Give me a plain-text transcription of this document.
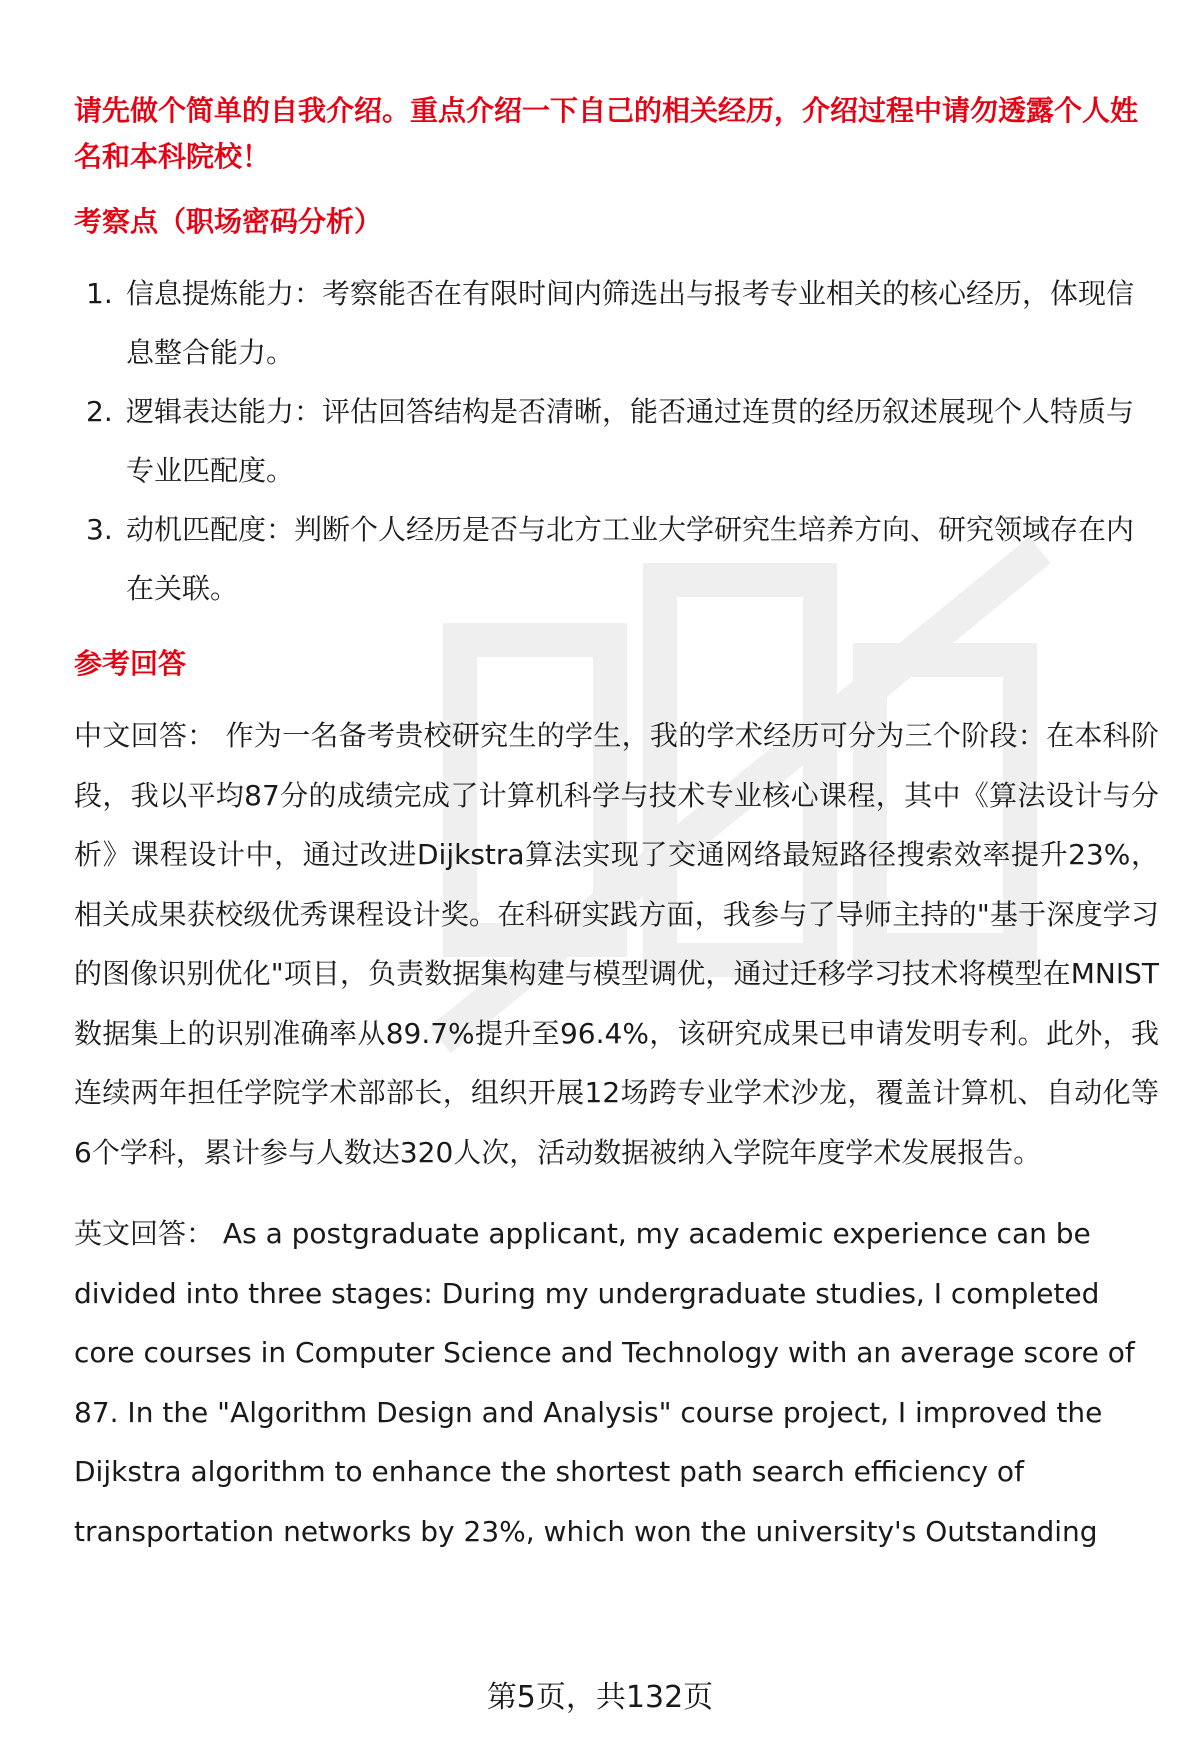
请先做个简单的自我介绍。重点介绍一下自己的相关经历，介绍过程中请勿透露个人姓名和本科院校！

考察点（职场密码分析）
1. 信息提炼能力：考察能否在有限时间内筛选出与报考专业相关的核心经历，体现信息整合能力。
2. 逻辑表达能力：评估回答结构是否清晰，能否通过连贯的经历叙述展现个人特质与专业匹配度。
3. 动机匹配度：判断个人经历是否与北方工业大学研究生培养方向、研究领域存在内在关联。
参考回答

中文回答： 作为一名备考贵校研究生的学生，我的学术经历可分为三个阶段：在本科阶段，我以平均87分的成绩完成了计算机科学与技术专业核心课程，其中《算法设计与分析》课程设计中，通过改进Dijkstra算法实现了交通网络最短路径搜索效率提升23%，相关成果获校级优秀课程设计奖。在科研实践方面，我参与了导师主持的"基于深度学习的图像识别优化"项目，负责数据集构建与模型调优，通过迁移学习技术将模型在MNIST数据集上的识别准确率从89.7%提升至96.4%，该研究成果已申请发明专利。此外，我连续两年担任学院学术部部长，组织开展12场跨专业学术沙龙，覆盖计算机、自动化等6个学科，累计参与人数达320人次，活动数据被纳入学院年度学术发展报告。

英文回答： As a postgraduate applicant, my academic experience can be divided into three stages: During my undergraduate studies, I completed core courses in Computer Science and Technology with an average score of 87. In the "Algorithm Design and Analysis" course project, I improved the Dijkstra algorithm to enhance the shortest path search efficiency of transportation networks by 23%, which won the university's Outstanding

第5页，共132页
